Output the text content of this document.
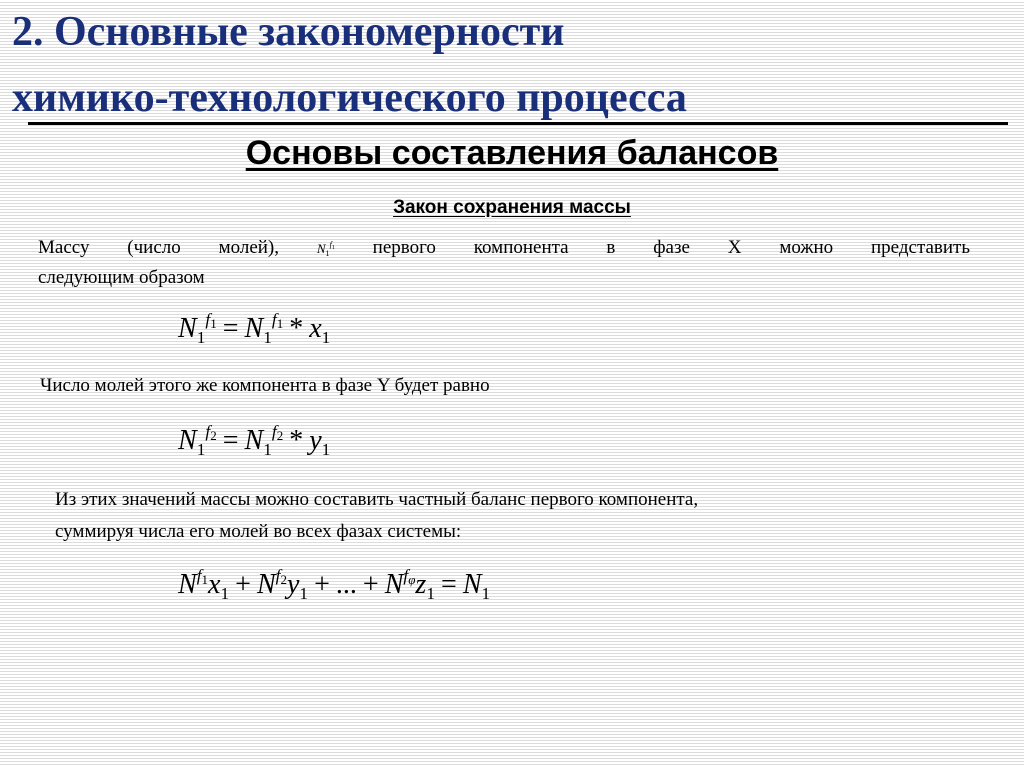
2. Основные закономерности
химико-технологического процесса
Основы составления балансов
Закон сохранения массы
Массу (число молей),	$N_1^{f_1}$ первого компонента в фазе X можно представить
следующим образом
$N_1^{f_1} = N_1^{f_1} * x_1$
Число молей этого же компонента в фазе Y будет равно
$N_1^{f_2} = N_1^{f_2} * y_1$
Из этих значений массы можно составить частный баланс первого компонента,
суммируя числа его молей во всех фазах системы:
$N^{f_1}x_1 + N^{f_2}y_1$ + ... + $N^{f_\varphi}z_1 = N_1$
